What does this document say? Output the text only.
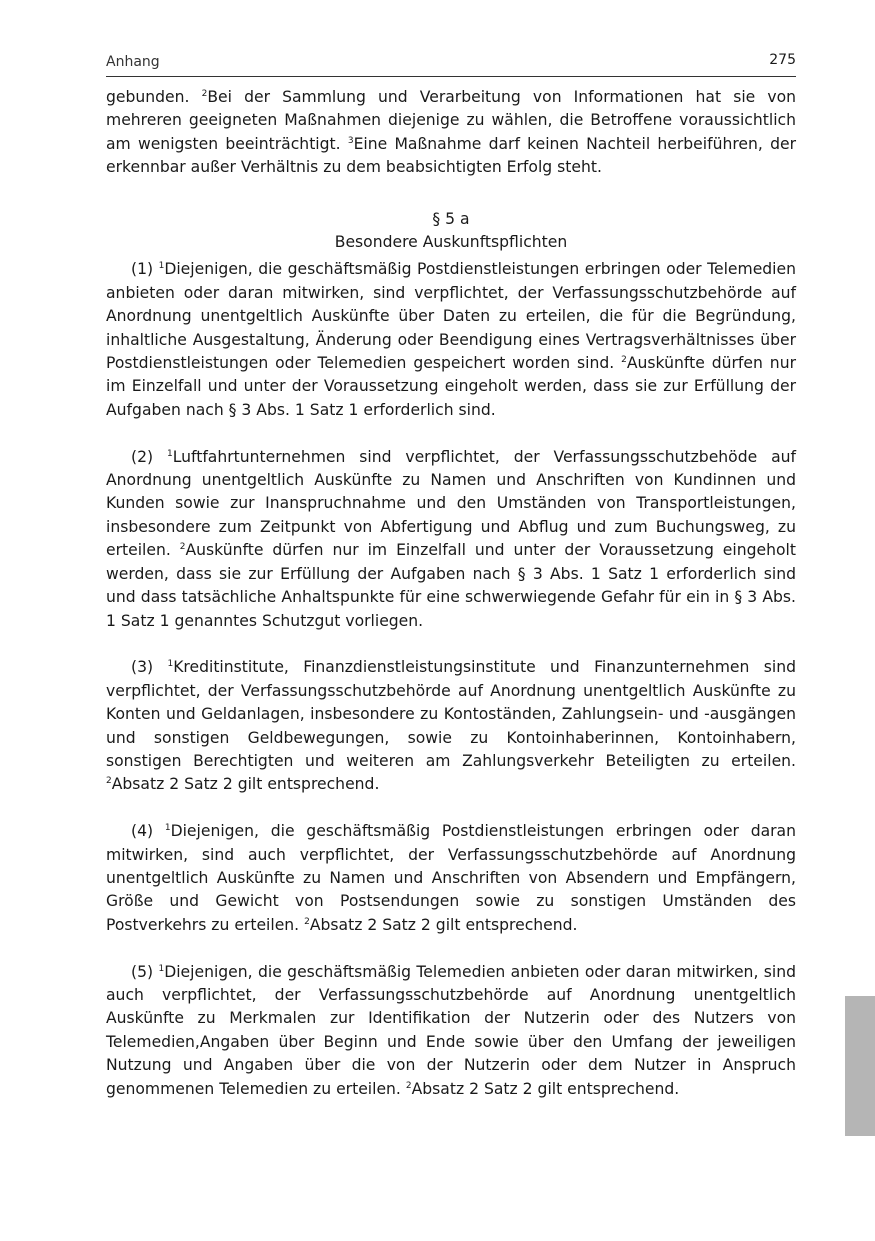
Anhang	275

gebunden. $^2$Bei der Sammlung und Verarbeitung von Informationen hat sie von mehreren geeigneten Maßnahmen diejenige zu wählen, die Betroffene voraussichtlich am wenigsten beeinträchtigt. $^3$Eine Maßnahme darf keinen Nachteil herbeiführen, der erkennbar außer Verhältnis zu dem beabsichtigten Erfolg steht.

§ 5 a
Besondere Auskunftspflichten

(1) $^1$Diejenigen, die geschäftsmäßig Postdienstleistungen erbringen oder Telemedien anbieten oder daran mitwirken, sind verpflichtet, der Verfassungsschutzbehörde auf Anordnung unentgeltlich Auskünfte über Daten zu erteilen, die für die Begründung, inhaltliche Ausgestaltung, Änderung oder Beendigung eines Vertragsverhältnisses über Postdienstleistungen oder Telemedien gespeichert worden sind. $^2$Auskünfte dürfen nur im Einzelfall und unter der Voraussetzung eingeholt werden, dass sie zur Erfüllung der Aufgaben nach § 3 Abs. 1 Satz 1 erforderlich sind.

(2) $^1$Luftfahrtunternehmen sind verpflichtet, der Verfassungsschutzbehöde auf Anordnung unentgeltlich Auskünfte zu Namen und Anschriften von Kundinnen und Kunden sowie zur Inanspruchnahme und den Umständen von Transportleistungen, insbesondere zum Zeitpunkt von Abfertigung und Abflug und zum Buchungsweg, zu erteilen. $^2$Auskünfte dürfen nur im Einzelfall und unter der Voraussetzung eingeholt werden, dass sie zur Erfüllung der Aufgaben nach § 3 Abs. 1 Satz 1 erforderlich sind und dass tatsächliche Anhaltspunkte für eine schwerwiegende Gefahr für ein in § 3 Abs. 1 Satz 1 genanntes Schutzgut vorliegen.

(3) $^1$Kreditinstitute, Finanzdienstleistungsinstitute und Finanzunternehmen sind verpflichtet, der Verfassungsschutzbehörde auf Anordnung unentgeltlich Auskünfte zu Konten und Geldanlagen, insbesondere zu Kontoständen, Zahlungsein- und -ausgängen und sonstigen Geldbewegungen, sowie zu Kontoinhaberinnen, Kontoinhabern, sonstigen Berechtigten und weiteren am Zahlungsverkehr Beteiligten zu erteilen. $^2$Absatz 2 Satz 2 gilt entsprechend.

(4) $^1$Diejenigen, die geschäftsmäßig Postdienstleistungen erbringen oder daran mitwirken, sind auch verpflichtet, der Verfassungsschutzbehörde auf Anordnung unentgeltlich Auskünfte zu Namen und Anschriften von Absendern und Empfängern, Größe und Gewicht von Postsendungen sowie zu sonstigen Umständen des Postverkehrs zu erteilen. $^2$Absatz 2 Satz 2 gilt entsprechend.

(5) $^1$Diejenigen, die geschäftsmäßig Telemedien anbieten oder daran mitwirken, sind auch verpflichtet, der Verfassungsschutzbehörde auf Anordnung unentgeltlich Auskünfte zu Merkmalen zur Identifikation der Nutzerin oder des Nutzers von Telemedien,Angaben über Beginn und Ende sowie über den Umfang der jeweiligen Nutzung und Angaben über die von der Nutzerin oder dem Nutzer in Anspruch genommenen Telemedien zu erteilen. $^2$Absatz 2 Satz 2 gilt entsprechend.
